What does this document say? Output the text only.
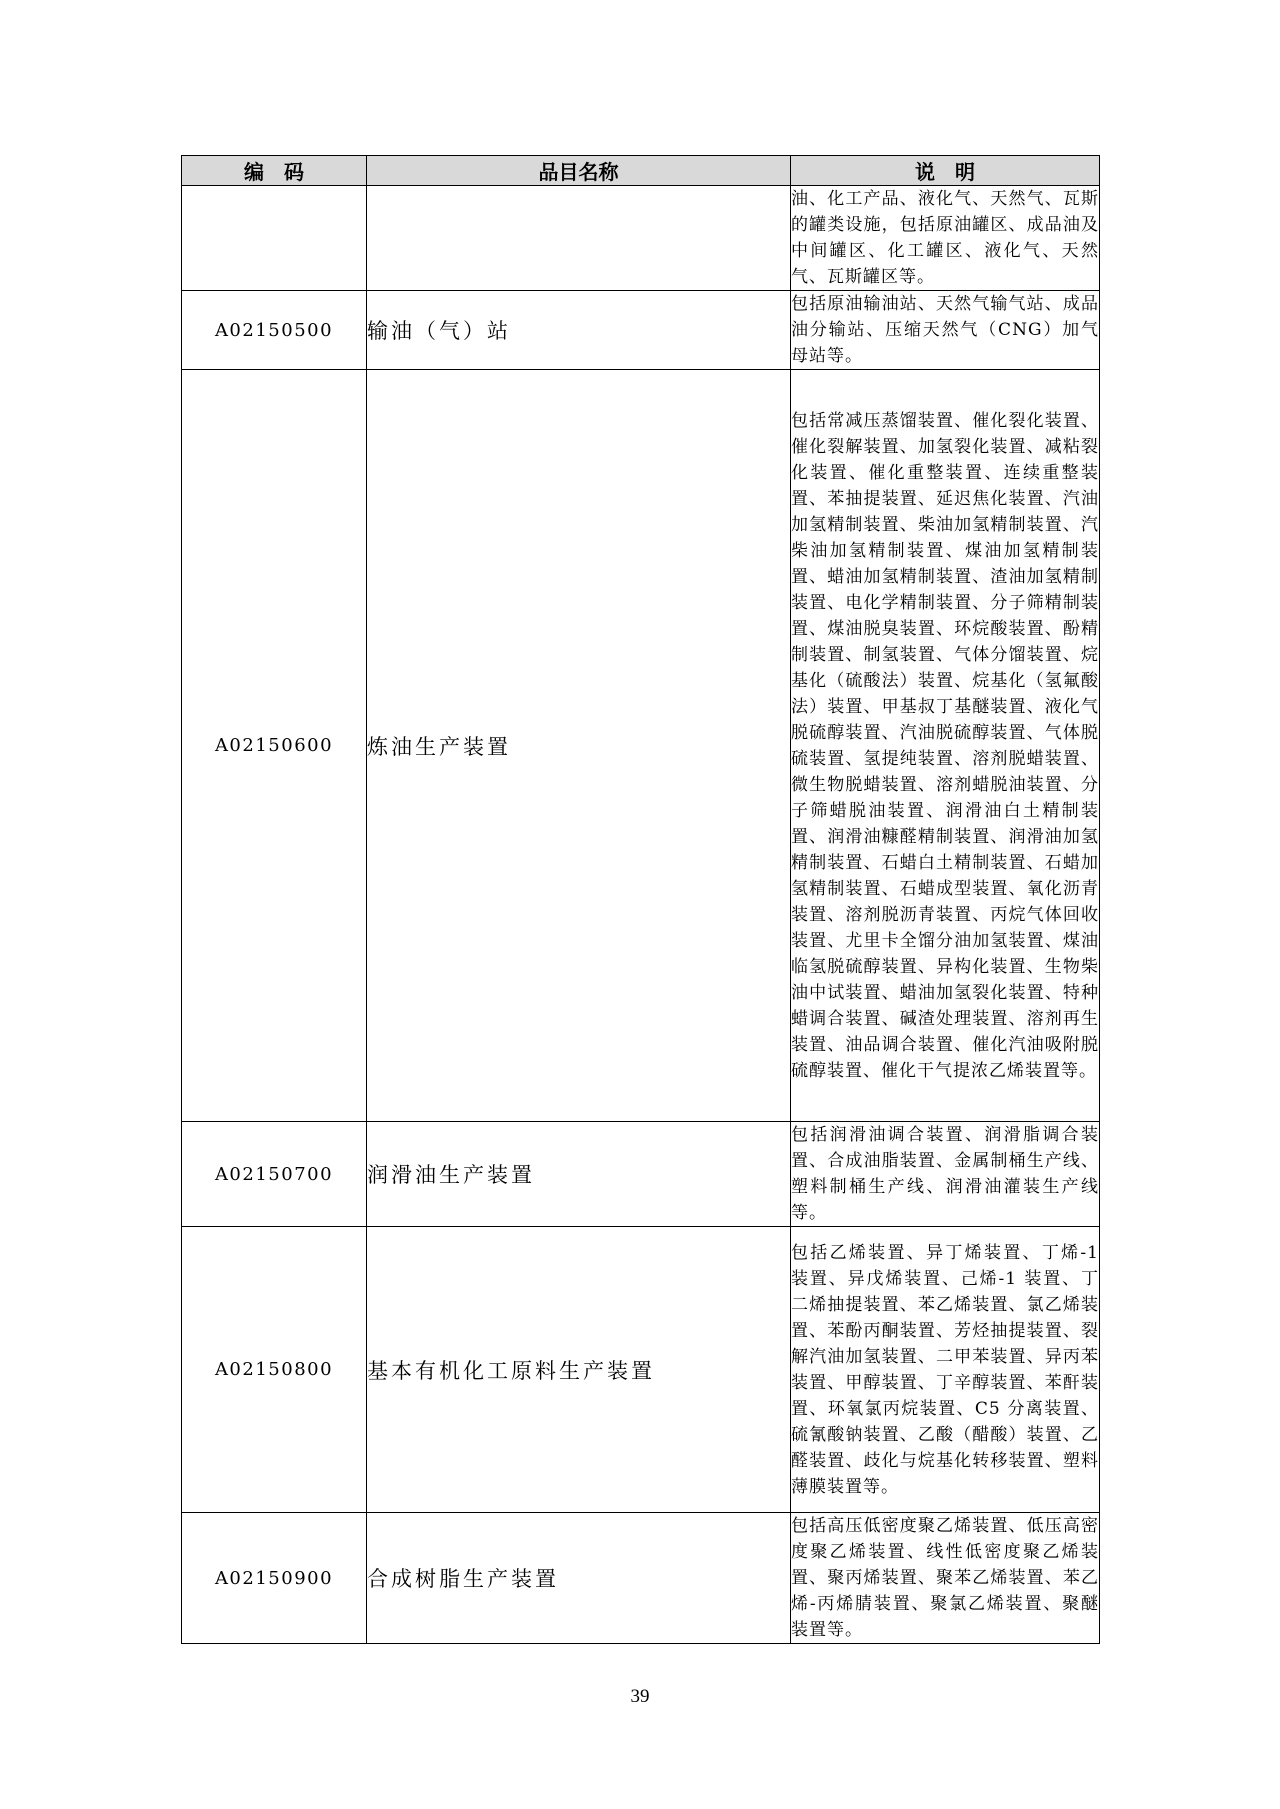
编　码	品目名称	说　明
		油、化工产品、液化气、天然气、瓦斯的罐类设施，包括原油罐区、成品油及中间罐区、化工罐区、液化气、天然气、瓦斯罐区等。
A02150500	输油（气）站	包括原油输油站、天然气输气站、成品油分输站、压缩天然气（CNG）加气母站等。
A02150600	炼油生产装置	包括常减压蒸馏装置、催化裂化装置、催化裂解装置、加氢裂化装置、减粘裂化装置、催化重整装置、连续重整装置、苯抽提装置、延迟焦化装置、汽油加氢精制装置、柴油加氢精制装置、汽柴油加氢精制装置、煤油加氢精制装置、蜡油加氢精制装置、渣油加氢精制装置、电化学精制装置、分子筛精制装置、煤油脱臭装置、环烷酸装置、酚精制装置、制氢装置、气体分馏装置、烷基化（硫酸法）装置、烷基化（氢氟酸法）装置、甲基叔丁基醚装置、液化气脱硫醇装置、汽油脱硫醇装置、气体脱硫装置、氢提纯装置、溶剂脱蜡装置、微生物脱蜡装置、溶剂蜡脱油装置、分子筛蜡脱油装置、润滑油白土精制装置、润滑油糠醛精制装置、润滑油加氢精制装置、石蜡白土精制装置、石蜡加氢精制装置、石蜡成型装置、氧化沥青装置、溶剂脱沥青装置、丙烷气体回收装置、尤里卡全馏分油加氢装置、煤油临氢脱硫醇装置、异构化装置、生物柴油中试装置、蜡油加氢裂化装置、特种蜡调合装置、碱渣处理装置、溶剂再生装置、油品调合装置、催化汽油吸附脱硫醇装置、催化干气提浓乙烯装置等。
A02150700	润滑油生产装置	包括润滑油调合装置、润滑脂调合装置、合成油脂装置、金属制桶生产线、塑料制桶生产线、润滑油灌装生产线等。
A02150800	基本有机化工原料生产装置	包括乙烯装置、异丁烯装置、丁烯-1 装置、异戊烯装置、己烯-1 装置、丁二烯抽提装置、苯乙烯装置、氯乙烯装置、苯酚丙酮装置、芳烃抽提装置、裂解汽油加氢装置、二甲苯装置、异丙苯装置、甲醇装置、丁辛醇装置、苯酐装置、环氧氯丙烷装置、C5 分离装置、硫氰酸钠装置、乙酸（醋酸）装置、乙醛装置、歧化与烷基化转移装置、塑料薄膜装置等。
A02150900	合成树脂生产装置	包括高压低密度聚乙烯装置、低压高密度聚乙烯装置、线性低密度聚乙烯装置、聚丙烯装置、聚苯乙烯装置、苯乙烯-丙烯腈装置、聚氯乙烯装置、聚醚装置等。
39
